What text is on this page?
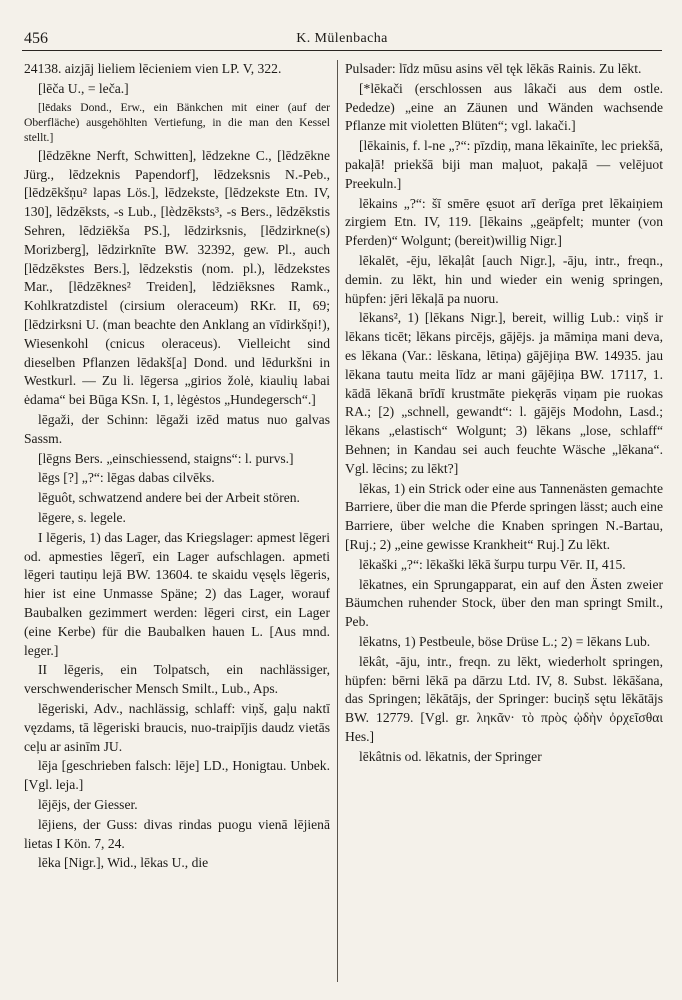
456	K. Mülenbacha

24138. aizjāj lieliem lēcieniem vien LP. V, 322.

[lēča U., = leča.]

[lēdaks Dond., Erw., ein Bänkchen mit einer (auf der Oberfläche) ausgehöhlten Vertiefung, in die man den Kessel stellt.]

[lēdzēkne Nerft, Schwitten], lēdzekne C., [lēdzēkne Jürg., lēdzeknis Papendorf], lēdzeksnis N.-Peb., [lēdzēkšņu² lapas Lös.], lēdzekste, [lēdzekste Etn. IV, 130], lēdzēksts, -s Lub., [lèdzēksts³, -s Bers., lēdzēkstis Sehren, lēdziēkša PS.], lēdzirksnis, [lēdzirkne(s) Morizberg], lēdzirknīte BW. 32392, gew. Pl., auch [lēdzēkstes Bers.], lēdzekstis (nom. pl.), lēdzekstes Mar., [lēdzēknes² Treiden], lēdziēksnes Ramk., Kohlkratzdistel (cirsium oleraceum) RKr. II, 69; [lēdzirksni U. (man beachte den Anklang an vīdirkšņi!), Wiesenkohl (cnicus oleraceus). Vielleicht sind dieselben Pflanzen lēdakš[a] Dond. und lēdurkšni in Westkurl. — Zu li. lēgersa „girios žolė, kiaulių labai ėdama“ bei Būga KSn. I, 1, lėgėstos „Hundegersch“.]

lēgaži, der Schinn: lēgaži izēd matus nuo galvas Sassm.

[lēgns Bers. „einschiessend, staigns“: l. purvs.]

lēgs [?] „?“: lēgas dabas cilvēks.

lēguôt, schwatzend andere bei der Arbeit stören.

lēgere, s. legele.

I lēgeris, 1) das Lager, das Kriegslager: apmest lēgeri od. apmesties lēgerī, ein Lager aufschlagen. apmeti lēgeri tautiņu lejā BW. 13604. te skaidu vęsęls lēgeris, hier ist eine Unmasse Späne; 2) das Lager, worauf Baubalken gezimmert werden: lēgeri cirst, ein Lager (eine Kerbe) für die Baubalken hauen L. [Aus mnd. leger.]

II lēgeris, ein Tolpatsch, ein nachlässiger, verschwenderischer Mensch Smilt., Lub., Aps.

lēgeriski, Adv., nachlässig, schlaff: viņš, gaļu naktī vęzdams, tā lēgeriski braucis, nuo-traipījis daudz vietās ceļu ar asinīm JU.

lēja [geschrieben falsch: lēje] LD., Honigtau. Unbek. [Vgl. leja.]

lējējs, der Giesser.

lējiens, der Guss: divas rindas puogu vienā lējienā lietas I Kön. 7, 24.

lēka [Nigr.], Wid., lēkas U., die

Pulsader: līdz mūsu asins vēl tęk lēkās Rainis. Zu lēkt.

[*lēkači (erschlossen aus lâkači aus dem ostle. Pededze) „eine an Zäunen und Wänden wachsende Pflanze mit violetten Blüten“; vgl. lakači.]

[lēkainis, f. l-ne „?“: pīzdiņ, mana lēkainīte, lec priekšā, pakaļā! priekšā biji man maļuot, pakaļā — velējuot Preekuln.]

lēkains „?“: šī smēre ęsuot arī derīga pret lēkaiņiem zirgiem Etn. IV, 119. [lēkains „geäpfelt; munter (von Pferden)“ Wolgunt; (bereit)willig Nigr.]

lēkalēt, -ēju, lēkaļât [auch Nigr.], -āju, intr., freqn., demin. zu lēkt, hin und wieder ein wenig springen, hüpfen: jēri lēkaļā pa nuoru.

lēkans², 1) [lēkans Nigr.], bereit, willig Lub.: viņš ir lēkans ticēt; lēkans pircējs, gājējs. ja māmiņa mani deva, es lēkana (Var.: lēskana, lētiņa) gājējiņa BW. 14935. jau lēkana tautu meita līdz ar mani gājējiņa BW. 17117, 1. kādā lēkanā brīdī krustmāte piekęrās viņam pie ruokas RA.; [2) „schnell, gewandt“: l. gājējs Modohn, Lasd.; lēkans „elastisch“ Wolgunt; 3) lēkans „lose, schlaff“ Behnen; in Kandau sei auch feuchte Wäsche „lēkana“. Vgl. lēcins; zu lēkt?]

lēkas, 1) ein Strick oder eine aus Tannenästen gemachte Barriere, über die man die Pferde springen lässt; auch eine Barriere, über welche die Knaben springen N.-Bartau, [Ruj.; 2) „eine gewisse Krankheit“ Ruj.] Zu lēkt.

lēkaški „?“: lēkaški lēkā šurpu turpu Vēr. II, 415.

lēkatnes, ein Sprungapparat, ein auf den Ästen zweier Bäumchen ruhender Stock, über den man springt Smilt., Peb.

lēkatns, 1) Pestbeule, böse Drüse L.; 2) = lēkans Lub.

lēkât, -āju, intr., freqn. zu lēkt, wiederholt springen, hüpfen: bērni lēkā pa dārzu Ltd. IV, 8. Subst. lēkāšana, das Springen; lēkātājs, der Springer: buciņš sętu lēkātājs BW. 12779. [Vgl. gr. ληκᾶν· τὸ πρὸς ᾠδὴν ὀρχεῖσθαι Hes.]

lēkâtnis od. lēkatnis, der Springer
